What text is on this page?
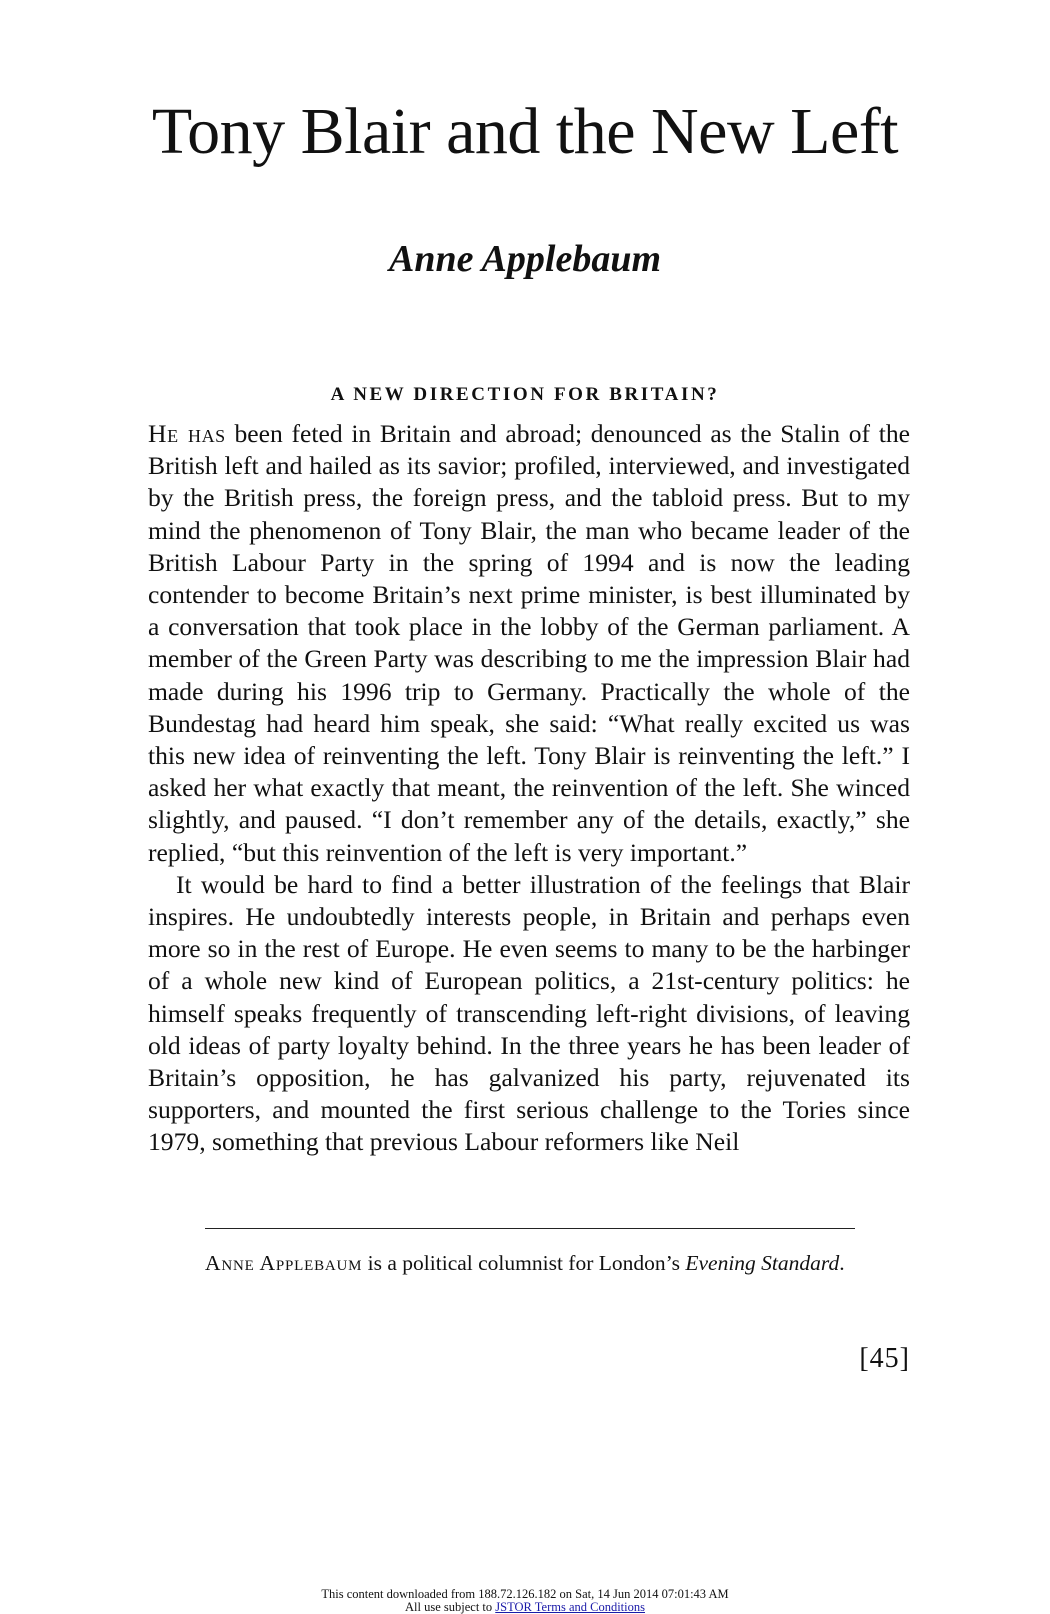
Tony Blair and the New Left
Anne Applebaum
A NEW DIRECTION FOR BRITAIN?

He has been feted in Britain and abroad; denounced as the Stalin of the British left and hailed as its savior; profiled, interviewed, and investigated by the British press, the foreign press, and the tabloid press. But to my mind the phenomenon of Tony Blair, the man who became leader of the British Labour Party in the spring of 1994 and is now the leading contender to become Britain’s next prime minister, is best illuminated by a conversation that took place in the lobby of the German parliament. A member of the Green Party was describing to me the impression Blair had made during his 1996 trip to Germany. Practically the whole of the Bundestag had heard him speak, she said: “What really excited us was this new idea of reinventing the left. Tony Blair is reinventing the left.” I asked her what exactly that meant, the reinvention of the left. She winced slightly, and paused. “I don’t remember any of the details, exactly,” she replied, “but this reinvention of the left is very important.”

It would be hard to find a better illustration of the feelings that Blair inspires. He undoubtedly interests people, in Britain and perhaps even more so in the rest of Europe. He even seems to many to be the harbinger of a whole new kind of European politics, a 21st-century politics: he himself speaks frequently of transcending left-right divisions, of leaving old ideas of party loyalty behind. In the three years he has been leader of Britain’s opposition, he has galvanized his party, rejuvenated its supporters, and mounted the first serious challenge to the Tories since 1979, something that previous Labour reformers like Neil

Anne Applebaum is a political columnist for London’s Evening Standard.

[45]
This content downloaded from 188.72.126.182 on Sat, 14 Jun 2014 07:01:43 AM
All use subject to JSTOR Terms and Conditions
